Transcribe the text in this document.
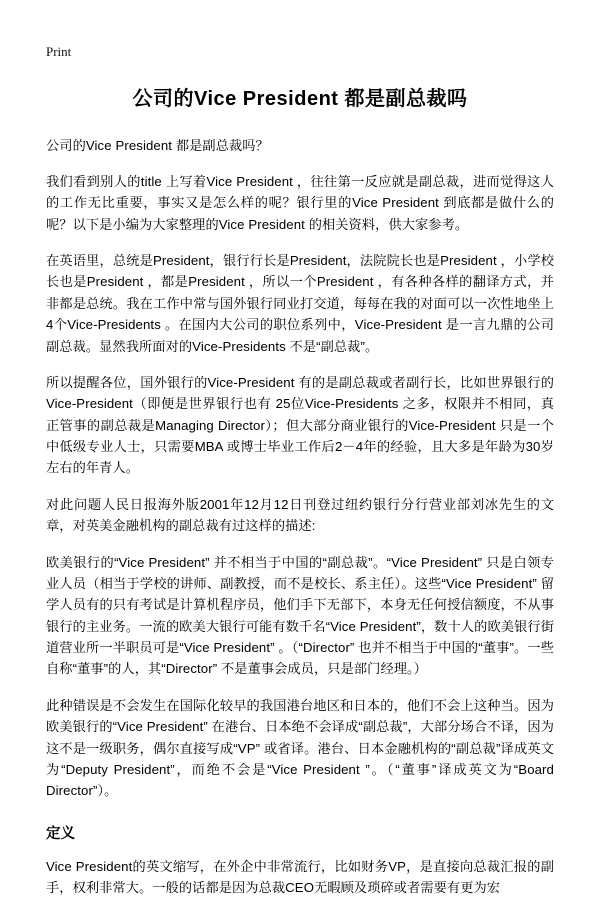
Print
公司的Vice President 都是副总裁吗

公司的Vice President 都是副总裁吗？

我们看到别人的title 上写着Vice President ，往往第一反应就是副总裁，进而觉得这人的工作无比重要，事实又是怎么样的呢？银行里的Vice President 到底都是做什么的呢？以下是小编为大家整理的Vice President 的相关资料，供大家参考。

在英语里，总统是President，银行行长是President，法院院长也是President ，小学校长也是President ，都是President ，所以一个President ，有各种各样的翻译方式，并非都是总统。我在工作中常与国外银行同业打交道，每每在我的对面可以一次性地坐上4个Vice-Presidents 。在国内大公司的职位系列中，Vice-President 是一言九鼎的公司副总裁。显然我所面对的Vice-Presidents 不是“副总裁”。

所以提醒各位，国外银行的Vice-President 有的是副总裁或者副行长，比如世界银行的Vice-President（即便是世界银行也有 25位Vice-Presidents 之多，权限并不相同，真正管事的副总裁是Managing Director）；但大部分商业银行的Vice-President 只是一个中低级专业人士，只需要MBA 或博士毕业工作后2－4年的经验，且大多是年龄为30岁左右的年青人。

对此问题人民日报海外版2001年12月12日刊登过纽约银行分行营业部刘冰先生的文章，对英美金融机构的副总裁有过这样的描述:

欧美银行的“Vice President” 并不相当于中国的“副总裁”。“Vice President” 只是白领专业人员（相当于学校的讲师、副教授，而不是校长、系主任）。这些“Vice President” 留学人员有的只有考试是计算机程序员，他们手下无部下，本身无任何授信额度，不从事银行的主业务。一流的欧美大银行可能有数千名“Vice President”，数十人的欧美银行街道营业所一半职员可是“Vice President” 。（“Director” 也并不相当于中国的“董事”。一些自称“董事”的人，其“Director” 不是董事会成员，只是部门经理。）

此种错误是不会发生在国际化较早的我国港台地区和日本的，他们不会上这种当。因为欧美银行的“Vice President” 在港台、日本绝不会译成“副总裁”，大部分场合不译，因为这不是一级职务，偶尔直接写成“VP” 或省译。港台、日本金融机构的“副总裁”译成英文为“Deputy President”，而绝不会是“Vice President ”。（“董事”译成英文为“Board Director”）。

定义

Vice President的英文缩写，在外企中非常流行，比如财务VP，是直接向总裁汇报的副手，权利非常大。一般的话都是因为总裁CEO无暇顾及琐碎或者需要有更为宏
